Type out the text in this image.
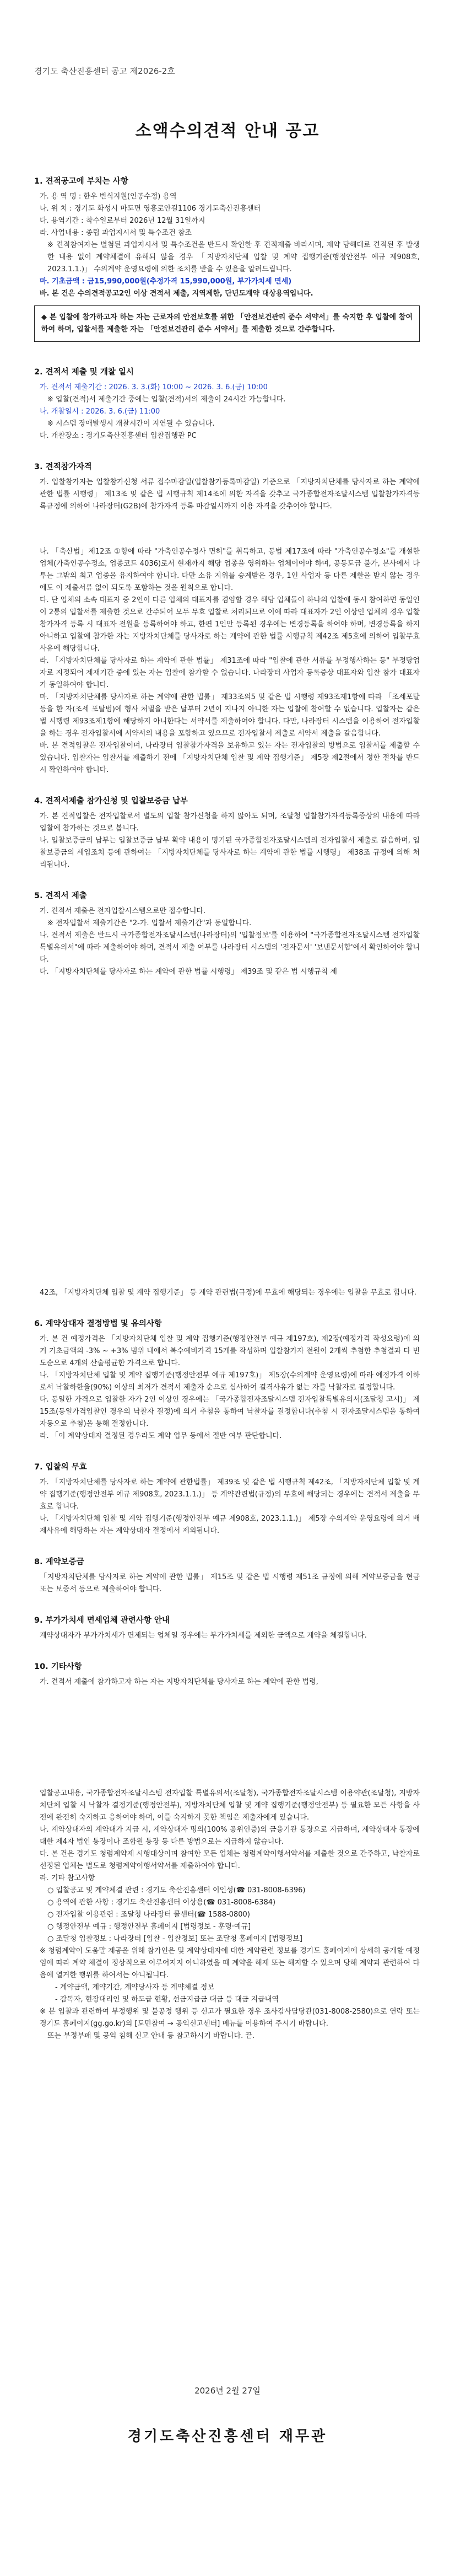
경기도 축산진흥센터 공고 제2026-2호
소액수의견적 안내 공고
1. 견적공고에 부치는 사항

가. 용 역 명 : 한우 번식지원(인공수정) 용역

나. 위 치 : 경기도 화성시 마도면 영흥로안길1106 경기도축산진흥센터

다. 용역기간 : 착수일로부터 2026년 12월 31일까지

라. 사업내용 : 종립 과업지시서 및 특수조건 참조

※ 견적참여자는 별첨된 과업지시서 및 특수조건을 반드시 확인한 후 견적제출 바라시며, 제약 당해대로 견적된 후 발생한 내용 없이 계약체결에 유해되 않을 경우 「지방자치단체 입찰 및 계약 집행기준(행정안전부 예규 제908호, 2023.1.1.)」 수의계약 운영요령에 의한 조치를 받을 수 있음을 알려드립니다.

마. 기초금액 : 금15,990,000원(추정가격 15,990,000원, 부가가치세 면세)

바. 본 건은 수의견적공고2인 이상 견적서 제출, 지역제한, 단년도계약 대상용역입니다.

◆ 본 입찰에 참가하고자 하는 자는 근로자의 안전보호를 위한 「안전보건관리 준수 서약서」를 숙지한 후 입찰에 참여하여 하며, 입찰서를 제출한 자는 「안전보건관리 준수 서약서」를 제출한 것으로 간주합니다.

2. 견적서 제출 및 개찰 일시

가. 견적서 제출기간 : 2026. 3. 3.(화) 10:00 ~ 2026. 3. 6.(금) 10:00

※ 입찰(견적)서 제출기간 중에는 입찰(견적)서의 제출이 24시간 가능합니다.

나. 개찰일시 : 2026. 3. 6.(금) 11:00

※ 시스템 장애발생시 개찰시간이 지연될 수 있습니다.

다. 개찰장소 : 경기도축산진흥센터 입찰집행관 PC

3. 견적참가자격

가. 입찰참가자는 입찰참가신청 서류 접수마감일(입찰참가등록마감일) 기준으로 「지방자치단체를 당사자로 하는 계약에 관한 법률 시행령」 제13조 및 같은 법 시행규칙 제14조에 의한 자격을 갖추고 국가종합전자조달시스템 입찰참가자격등록규정에 의하여 나라장터(G2B)에 참가자격 등록 마감일시까지 이용 자격을 갖추어야 합니다.

나. 「축산법」제12조 ①항에 따라 "가축인공수정사 면허"를 취득하고, 동법 제17조에 따라 "가축인공수정소"를 개설한 업체(가축인공수정소, 업종코드 4036)로서 현재까지 해당 업종을 영위하는 업체이어야 하며, 공동도급 불가, 본사에서 다투는 그밖의 최고 업종을 유지하여야 합니다. 다만 소유 지위를 승계받은 경우, 1인 사업자 등 다른 제한을 받지 않는 경우에도 이 제출서류 없이 되도록 포함하는 것을 원칙으로 합니다.

다. 단 업체의 소속 대표자 중 2인이 다른 업체의 대표자를 겸임할 경우 해당 업체들이 하나의 입찰에 동시 참여하면 동일인이 2통의 입찰서를 제출한 것으로 간주되어 모두 무효 입찰로 처리되므로 이에 따라 대표자가 2인 이상인 업체의 경우 입찰참가자격 등록 시 대표자 전원을 등록하여야 하고, 한편 1인만 등록된 경우에는 변경등록을 하여야 하며, 변경등록을 하지 아니하고 입찰에 참가한 자는 지방자치단체를 당사자로 하는 계약에 관한 법률 시행규칙 제42조 제5호에 의하여 입찰무효사유에 해당합니다.

라. 「지방자치단체를 당사자로 하는 계약에 관한 법률」 제31조에 따라 "입찰에 관한 서류를 부정행사하는 등" 부정당업자로 지정되어 제재기간 중에 있는 자는 입찰에 참가할 수 없습니다. 나라장터 사업자 등록증상 대표자와 입찰 참가 대표자가 동일하여야 합니다.

마. 「지방자치단체를 당사자로 하는 계약에 관한 법률」 제33조의5 및 같은 법 시행령 제93조제1항에 따라 「조세포탈 등을 한 자(조세 포탈범)에 형사 처벌을 받은 날부터 2년이 지나지 아니한 자는 입찰에 참여할 수 없습니다. 입찰자는 같은 법 시행령 제93조제1항에 해당하지 아니한다는 서약서를 제출하여야 합니다. 다만, 나라장터 시스템을 이용하여 전자입찰을 하는 경우 전자입찰서에 서약서의 내용을 포함하고 있으므로 전자입찰서 제출로 서약서 제출을 갈음합니다.

바. 본 견적입찰은 전자입찰이며, 나라장터 입찰참가자격을 보유하고 있는 자는 전자입찰의 방법으로 입찰서를 제출할 수 있습니다. 입찰자는 입찰서를 제출하기 전에 「지방자치단체 입찰 및 계약 집행기준」 제5장 제2절에서 정한 절차를 반드시 확인하여야 합니다.

4. 견적서제출 참가신청 및 입찰보증금 납부

가. 본 견적입찰은 전자입찰로서 별도의 입찰 참가신청을 하지 않아도 되며, 조달청 입찰참가자격등록증상의 내용에 따라 입찰에 참가하는 것으로 봅니다.

나. 입찰보증금의 납부는 입찰보증금 납부 확약 내용이 명기된 국가종합전자조달시스템의 전자입찰서 제출로 갈음하며, 입찰보증금의 세입조치 등에 관하여는 「지방자치단체를 당사자로 하는 계약에 관한 법률 시행령」 제38조 규정에 의해 처리됩니다.

5. 견적서 제출

가. 견적서 제출은 전자입찰시스템으로만 접수합니다.

※ 전자입찰서 제출기간은 "2-가. 입찰서 제출기간"과 동일합니다.

나. 견적서 제출은 반드시 국가종합전자조달시스템(나라장터)의 '입찰정보'를 이용하여 "국가종합전자조달시스템 전자입찰특별유의서"에 따라 제출하여야 하며, 견적서 제출 여부를 나라장터 시스템의 '전자문서' '보낸문서함'에서 확인하여야 합니다.

다. 「지방자치단체를 당사자로 하는 계약에 관한 법률 시행령」 제39조 및 같은 법 시행규칙 제

42조, 「지방자치단체 입찰 및 계약 집행기준」 등 계약 관련법(규정)에 무효에 해당되는 경우에는 입찰을 무효로 합니다.

6. 계약상대자 결정방법 및 유의사항

가. 본 건 예정가격은 「지방자치단체 입찰 및 계약 집행기준(행정안전부 예규 제197호), 제2장(예정가격 작성요령)에 의거 기초금액의 -3% ~ +3% 범위 내에서 복수예비가격 15개를 작성하며 입찰참가자 전원이 2개씩 추첨한 추첨결과 다 빈도순으로 4개의 산술평균한 가격으로 합니다.

나. 「지방자치단체 입찰 및 계약 집행기준(행정안전부 예규 제197호)」 제5장(수의계약 운영요령)에 따라 예정가격 이하로서 낙찰하한율(90%) 이상의 최저가 견적서 제출자 순으로 심사하여 결격사유가 없는 자를 낙찰자로 결정합니다.

다. 동일한 가격으로 입찰한 자가 2인 이상인 경우에는 「국가종합전자조달시스템 전자입찰특별유의서(조달청 고시)」 제15조(동일가격입찰인 경우의 낙찰자 결정)에 의거 추첨을 통하여 낙찰자를 결정합니다(추첨 시 전자조달시스템을 통하여 자동으로 추첨)을 통해 결정합니다.

라. 「이 계약상대자 결정된 경우라도 계약 업무 등에서 절반 여부 판단합니다.

7. 입찰의 무효

가. 「지방자치단체를 당사자로 하는 계약에 관한법률」 제39조 및 같은 법 시행규칙 제42조, 「지방자치단체 입찰 및 계약 집행기준(행정안전부 예규 제908호, 2023.1.1.)」 등 계약관련법(규정)의 무효에 해당되는 경우에는 견적서 제출을 무효로 합니다.

나. 「지방자치단체 입찰 및 계약 집행기준(행정안전부 예규 제908호, 2023.1.1.)」 제5장 수의계약 운영요령에 의거 배제사유에 해당하는 자는 계약상대자 결정에서 제외됩니다.

8. 계약보증금

「지방자치단체를 당사자로 하는 계약에 관한 법률」 제15조 및 같은 법 시행령 제51조 규정에 의해 계약보증금을 현금 또는 보증서 등으로 제출하여야 합니다.

9. 부가가치세 면세업체 관련사항 안내

계약상대자가 부가가치세가 면제되는 업체일 경우에는 부가가치세를 제외한 금액으로 계약을 체결합니다.

10. 기타사항

가. 견적서 제출에 참가하고자 하는 자는 지방자치단체를 당사자로 하는 계약에 관한 법령,

입찰공고내용, 국가종합전자조달시스템 전자입찰 특별유의서(조달청), 국가종합전자조달시스템 이용약관(조달청), 지방자치단체 입찰 시 낙찰자 결정기준(행정안전부), 지방자치단체 입찰 및 계약 집행기준(행정안전부) 등 필요한 모든 사항을 사전에 완전히 숙지하고 응하여야 하며, 이를 숙지하지 못한 책임은 제출자에게 있습니다.

나. 계약상대자의 계약대가 지급 시, 계약상대자 명의(100% 공위인증)의 금융기관 통장으로 지급하며, 계약상대자 통장에 대한 제4자 법인 통장이나 조합원 통장 등 다른 방법으로는 지급하지 않습니다.

다. 본 건은 경기도 청렴계약제 시행대상이며 참여한 모든 업체는 청렴계약이행서약서를 제출한 것으로 간주하고, 낙찰자로 선정된 업체는 별도로 청렴계약이행서약서를 제출하여야 합니다.

라. 기타 참고사항

○ 입찰공고 및 계약체결 관련 : 경기도 축산진흥센터 이인성(☎ 031-8008-6396)

○ 용역에 관한 사항 : 경기도 축산진흥센터 이상용(☎ 031-8008-6384)

○ 전자입찰 이용관련 : 조달청 나라장터 콜센터(☎ 1588-0800)

○ 행정안전부 예규 : 행정안전부 홈페이지 [법령정보 - 훈령·예규]

○ 조달청 입찰정보 : 나라장터 [입찰 - 입찰정보] 또는 조달청 홈페이지 [법령정보]

※ 청렴계약이 도움말 제공을 위해 참가인은 및 계약상대자에 대한 계약관련 정보를 경기도 홈페이지에 상세히 공개할 예정임에 따라 계약 체결이 정상적으로 이루어지지 아니하였을 때 계약을 해제 또는 해지할 수 있으며 당해 계약과 관련하여 다음에 열거한 행위를 하여서는 아니됩니다.

- 계약금액, 계약기간, 계약당사자 등 계약체결 정보

- 감독자, 현장대리인 및 하도급 현황, 선금지급금 대금 등 대금 지급내역

※ 본 입찰과 관련하여 부정행위 및 불공정 행위 등 신고가 필요한 경우 조사감사담당관(031-8008-2580)으로 연락 또는 경기도 홈페이지(gg.go.kr)의 [도민참여 → 공익신고센터] 메뉴를 이용하여 주시기 바랍니다.

또는 부정부패 및 공익 침해 신고 안내 등 참고하시기 바랍니다. 끝.

2026년 2월 27일
경기도축산진흥센터 재무관
